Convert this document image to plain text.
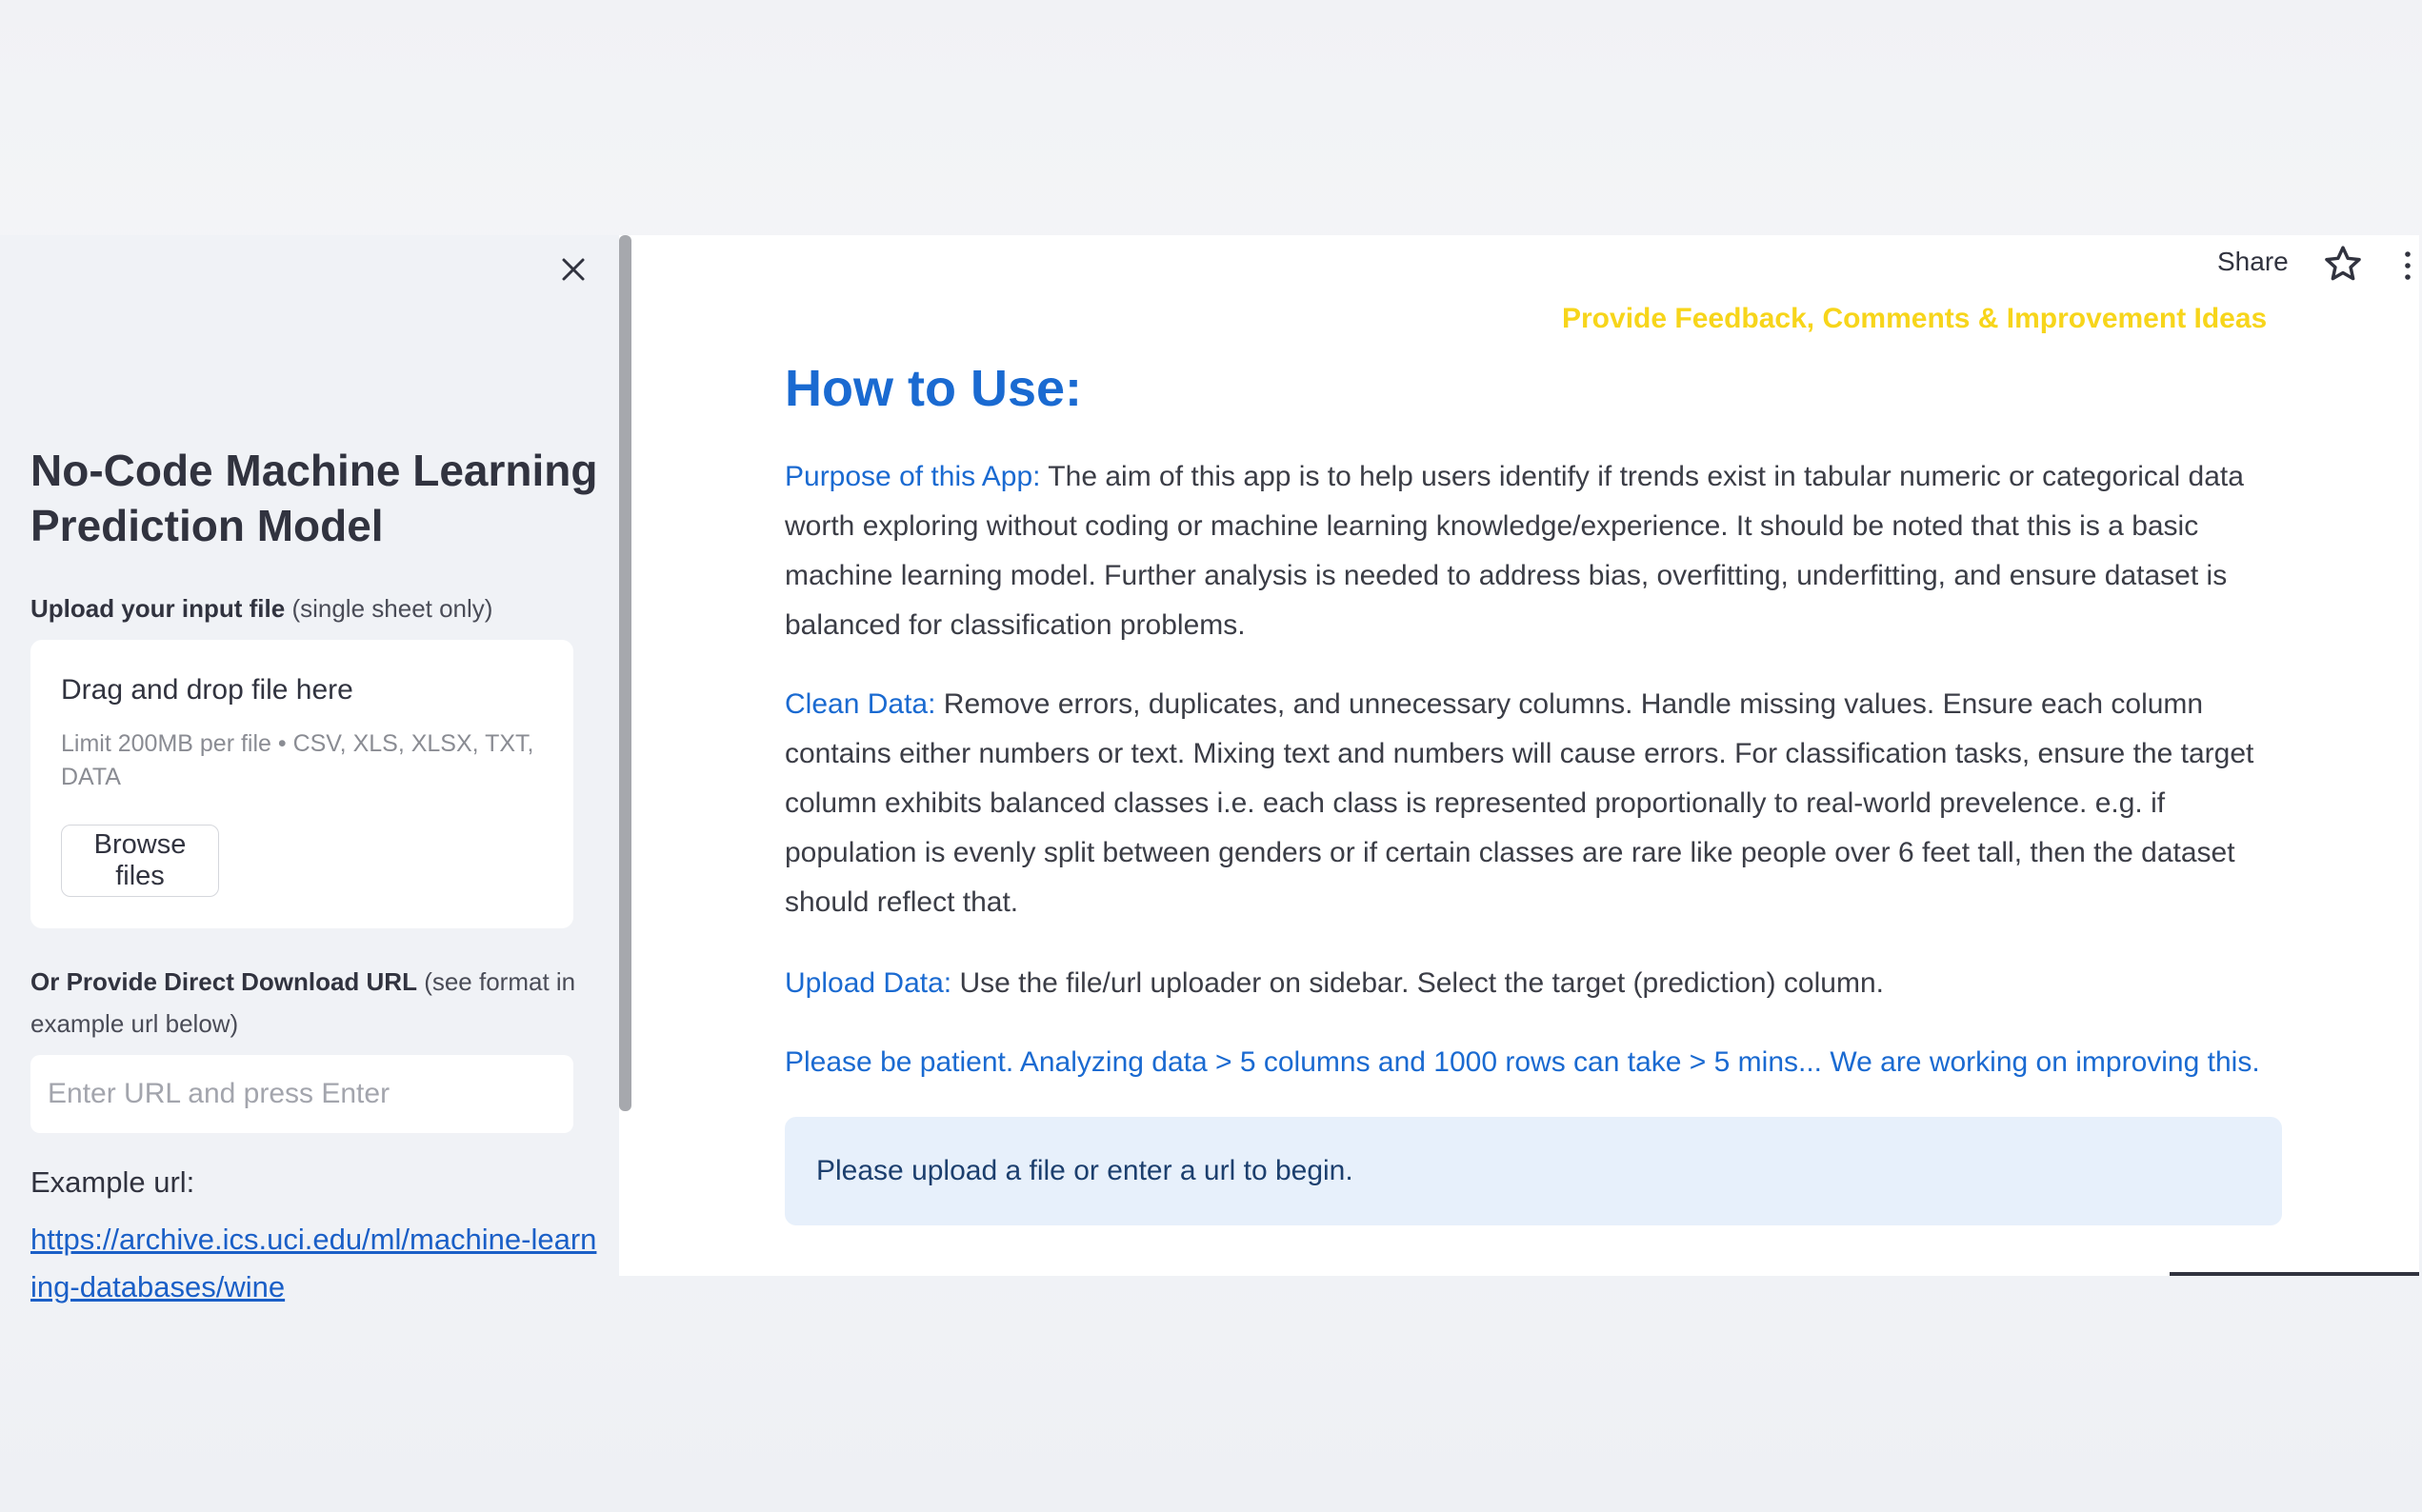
No-Code Machine Learning Prediction Model
Upload your input file (single sheet only)
Drag and drop file here
Limit 200MB per file • CSV, XLS, XLSX, TXT, DATA
Browse files
Or Provide Direct Download URL (see format in example url below)
Enter URL and press Enter
Example url:
https://archive.ics.uci.edu/ml/machine-learning-databases/wine
Share
Provide Feedback, Comments & Improvement Ideas
How to Use:

Purpose of this App: The aim of this app is to help users identify if trends exist in tabular numeric or categorical data worth exploring without coding or machine learning knowledge/experience. It should be noted that this is a basic machine learning model. Further analysis is needed to address bias, overfitting, underfitting, and ensure dataset is balanced for classification problems.

Clean Data: Remove errors, duplicates, and unnecessary columns. Handle missing values. Ensure each column contains either numbers or text. Mixing text and numbers will cause errors. For classification tasks, ensure the target column exhibits balanced classes i.e. each class is represented proportionally to real-world prevelence. e.g. if population is evenly split between genders or if certain classes are rare like people over 6 feet tall, then the dataset should reflect that.

Upload Data: Use the file/url uploader on sidebar. Select the target (prediction) column.

Please be patient. Analyzing data > 5 columns and 1000 rows can take > 5 mins... We are working on improving this.

Please upload a file or enter a url to begin.
